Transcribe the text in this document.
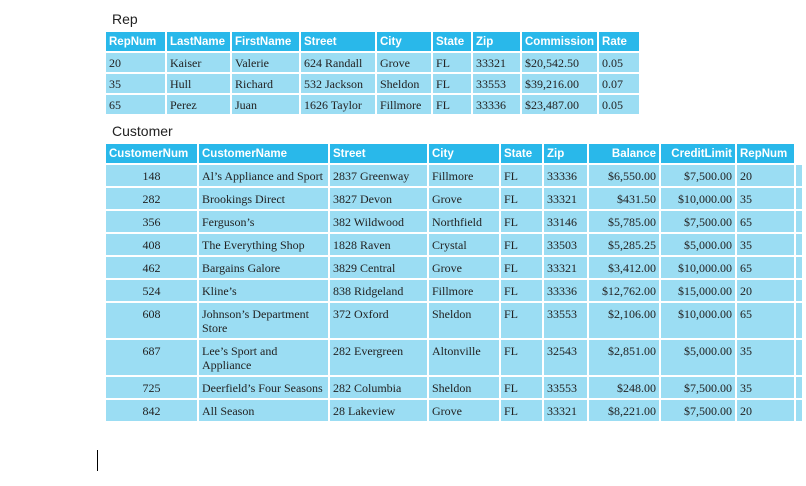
Rep
RepNum	LastName	FirstName	Street	City	State	Zip	Commission	Rate
20	Kaiser	Valerie	624 Randall	Grove	FL	33321	$20,542.50	0.05
35	Hull	Richard	532 Jackson	Sheldon	FL	33553	$39,216.00	0.07
65	Perez	Juan	1626 Taylor	Fillmore	FL	33336	$23,487.00	0.05
Customer
CustomerNum	CustomerName	Street	City	State	Zip	Balance	CreditLimit	RepNum	
148	Al’s Appliance and Sport	2837 Greenway	Fillmore	FL	33336	$6,550.00	$7,500.00	20	
282	Brookings Direct	3827 Devon	Grove	FL	33321	$431.50	$10,000.00	35	
356	Ferguson’s	382 Wildwood	Northfield	FL	33146	$5,785.00	$7,500.00	65	
408	The Everything Shop	1828 Raven	Crystal	FL	33503	$5,285.25	$5,000.00	35	
462	Bargains Galore	3829 Central	Grove	FL	33321	$3,412.00	$10,000.00	65	
524	Kline’s	838 Ridgeland	Fillmore	FL	33336	$12,762.00	$15,000.00	20	
608	Johnson’s Department Store	372 Oxford	Sheldon	FL	33553	$2,106.00	$10,000.00	65	
687	Lee’s Sport and Appliance	282 Evergreen	Altonville	FL	32543	$2,851.00	$5,000.00	35	
725	Deerfield’s Four Seasons	282 Columbia	Sheldon	FL	33553	$248.00	$7,500.00	35	
842	All Season	28 Lakeview	Grove	FL	33321	$8,221.00	$7,500.00	20	
